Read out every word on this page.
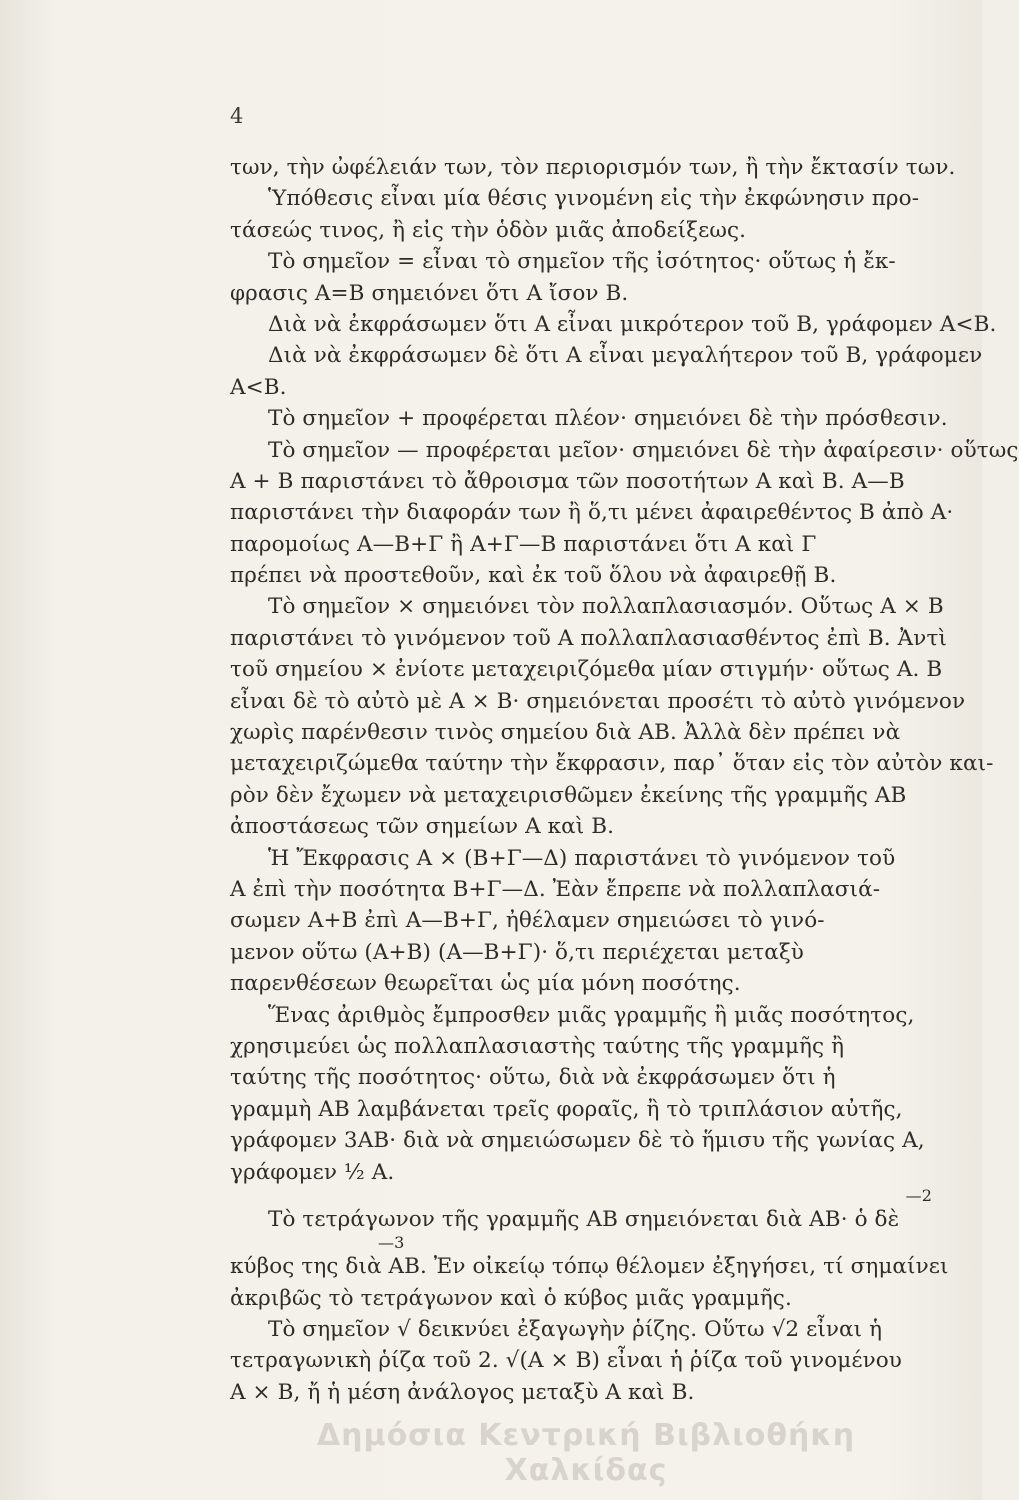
4
των, τὴν ὠφέλειάν των, τὸν περιορισμόν των, ἢ τὴν ἔκτασίν των.
Ὑπόθεσις εἶναι μία θέσις γινομένη εἰς τὴν ἐκφώνησιν προ-
τάσεώς τινος, ἢ εἰς τὴν ὁδὸν μιᾶς ἀποδείξεως.
Τὸ σημεῖον = εἶναι τὸ σημεῖον τῆς ἰσότητος· οὕτως ἡ ἔκ-
φρασις Α=Β σημειόνει ὅτι Α ἴσον Β.
Διὰ νὰ ἐκφράσωμεν ὅτι Α εἶναι μικρότερον τοῦ Β, γράφομεν Α<Β.
Διὰ νὰ ἐκφράσωμεν δὲ ὅτι Α εἶναι μεγαλήτερον τοῦ Β, γράφομεν
Α<Β.
Τὸ σημεῖον + προφέρεται πλέον· σημειόνει δὲ τὴν πρόσθεσιν.
Τὸ σημεῖον — προφέρεται μεῖον· σημειόνει δὲ τὴν ἀφαίρεσιν· οὕτως
Α + Β παριστάνει τὸ ἄθροισμα τῶν ποσοτήτων Α καὶ Β. Α—Β
παριστάνει τὴν διαφοράν των ἢ ὅ,τι μένει ἀφαιρεθέντος Β ἀπὸ Α·
παρομοίως Α—Β+Γ ἢ Α+Γ—Β παριστάνει ὅτι Α καὶ Γ
πρέπει νὰ προστεθοῦν, καὶ ἐκ τοῦ ὅλου νὰ ἀφαιρεθῇ Β.
Τὸ σημεῖον × σημειόνει τὸν πολλαπλασιασμόν. Οὕτως Α × Β
παριστάνει τὸ γινόμενον τοῦ Α πολλαπλασιασθέντος ἐπὶ Β. Ἀντὶ
τοῦ σημείου × ἐνίοτε μεταχειριζόμεθα μίαν στιγμήν· οὕτως Α. Β
εἶναι δὲ τὸ αὐτὸ μὲ Α × Β· σημειόνεται προσέτι τὸ αὐτὸ γινόμενον
χωρὶς παρένθεσιν τινὸς σημείου διὰ ΑΒ. Ἀλλὰ δὲν πρέπει νὰ
μεταχειριζώμεθα ταύτην τὴν ἔκφρασιν, παρ᾽ ὅταν εἰς τὸν αὐτὸν και-
ρὸν δὲν ἔχωμεν νὰ μεταχειρισθῶμεν ἐκείνης τῆς γραμμῆς ΑΒ
ἀποστάσεως τῶν σημείων Α καὶ Β.
Ἡ Ἔκφρασις Α × (Β+Γ—Δ) παριστάνει τὸ γινόμενον τοῦ
Α ἐπὶ τὴν ποσότητα Β+Γ—Δ. Ἐὰν ἔπρεπε νὰ πολλαπλασιά-
σωμεν Α+Β ἐπὶ Α—Β+Γ, ἠθέλαμεν σημειώσει τὸ γινό-
μενον οὕτω (Α+Β) (Α—Β+Γ)· ὅ,τι περιέχεται μεταξὺ
παρενθέσεων θεωρεῖται ὡς μία μόνη ποσότης.
Ἕνας ἀριθμὸς ἔμπροσθεν μιᾶς γραμμῆς ἢ μιᾶς ποσότητος,
χρησιμεύει ὡς πολλαπλασιαστὴς ταύτης τῆς γραμμῆς ἢ
ταύτης τῆς ποσότητος· οὕτω, διὰ νὰ ἐκφράσωμεν ὅτι ἡ
γραμμὴ ΑΒ λαμβάνεται τρεῖς φοραῖς, ἢ τὸ τριπλάσιον αὐτῆς,
γράφομεν 3ΑΒ· διὰ νὰ σημειώσωμεν δὲ τὸ ἥμισυ τῆς γωνίας Α,
γράφομεν ½ Α.
—2
Τὸ τετράγωνον τῆς γραμμῆς ΑΒ σημειόνεται διὰ ΑΒ· ὁ δὲ
—3
κύβος της διὰ ΑΒ. Ἐν οἰκείῳ τόπῳ θέλομεν ἐξηγήσει, τί σημαίνει
ἀκριβῶς τὸ τετράγωνον καὶ ὁ κύβος μιᾶς γραμμῆς.
Τὸ σημεῖον √ δεικνύει ἐξαγωγὴν ῥίζης. Οὕτω √2 εἶναι ἡ
τετραγωνικὴ ῥίζα τοῦ 2. √(Α × Β) εἶναι ἡ ῥίζα τοῦ γινομένου
Α × Β, ἤ ἡ μέση ἀνάλογος μεταξὺ Α καὶ Β.
Δημόσια Κεντρική Βιβλιοθήκη Χαλκίδας
